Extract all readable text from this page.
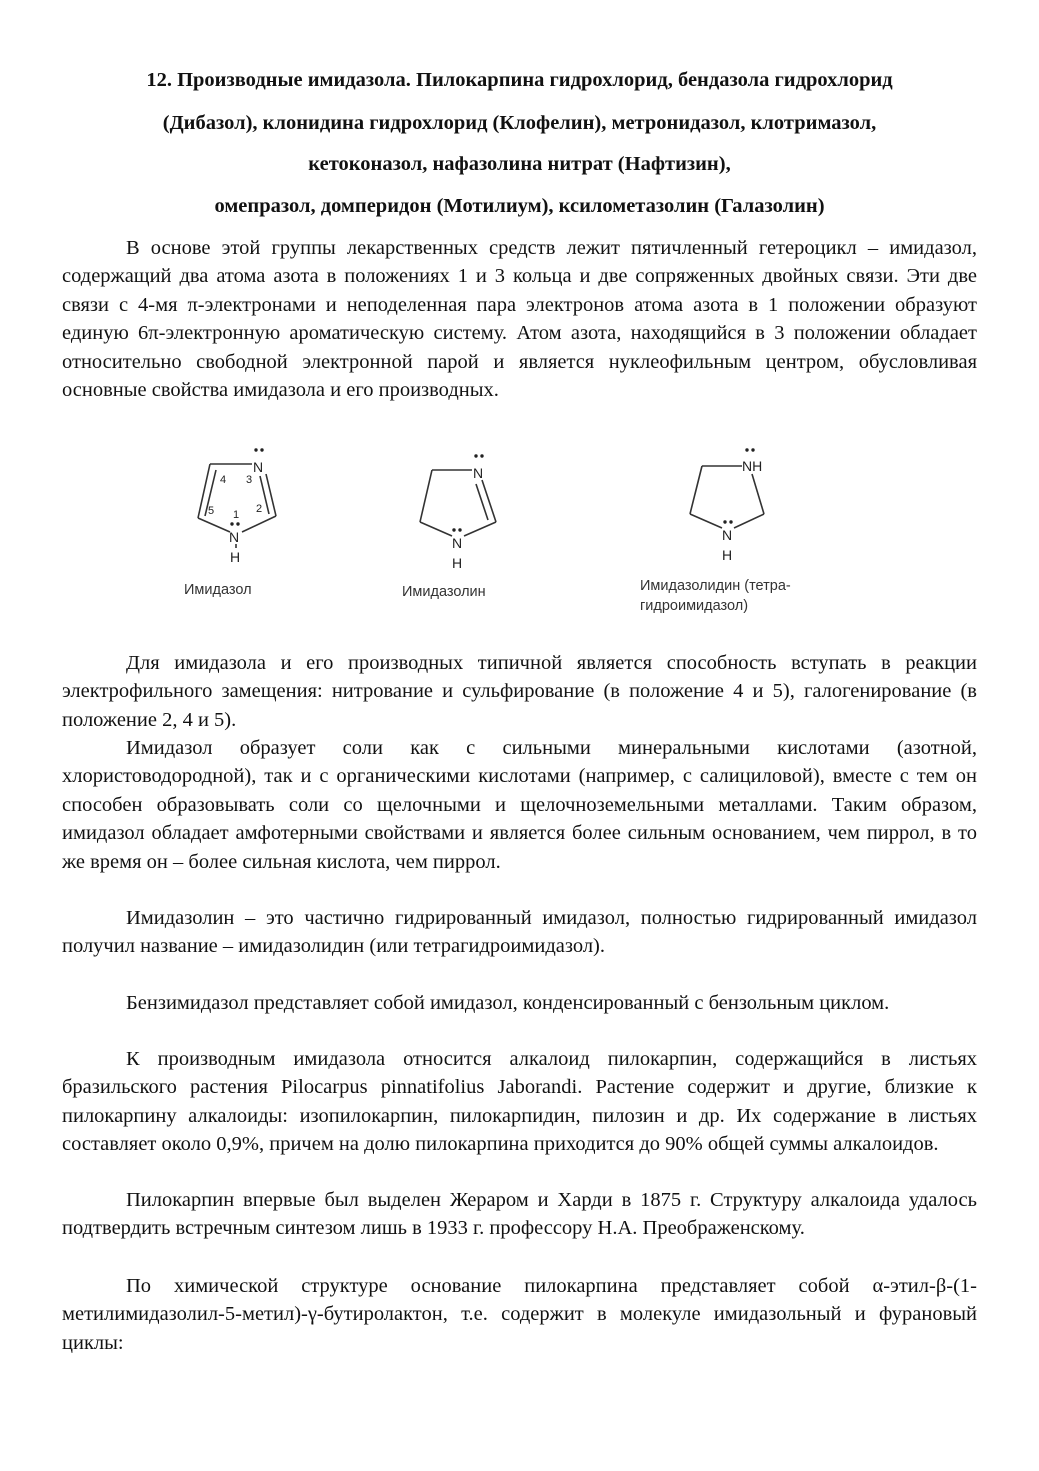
12. Производные имидазола. Пилокарпина гидрохлорид, бендазола гидрохлорид
(Дибазол), клонидина гидрохлорид (Клофелин), метронидазол, клотримазол,
кетоконазол, нафазолина нитрат (Нафтизин),
омепразол, домперидон (Мотилиум), ксилометазолин (Галазолин)
В основе этой группы лекарственных средств лежит пятичленный гетероцикл – имидазол, содержащий два атома азота в положениях 1 и 3 кольца и две сопряженных двойных связи. Эти две связи с 4-мя π-электронами и неподеленная пара электронов атома азота в 1 положении образуют единую 6π-электронную ароматическую систему. Атом азота, находящийся в 3 положении обладает относительно свободной электронной парой и является нуклеофильным центром, обусловливая основные свойства имидазола и его производных.
N
N
H
3
4
5 1 2
Имидазол
N
N
H
Имидазолин
NH
N
H
Имидазолидин (тетра-
гидроимидазол)
Для имидазола и его производных типичной является способность вступать в реакции электрофильного замещения: нитрование и сульфирование (в положение 4 и 5), галогенирование (в положение 2, 4 и 5).
Имидазол образует соли как с сильными минеральными кислотами (азотной, хлористоводородной), так и с органическими кислотами (например, с салициловой), вместе с тем он способен образовывать соли со щелочными и щелочноземельными металлами. Таким образом, имидазол обладает амфотерными свойствами и является более сильным основанием, чем пиррол, в то же время он – более сильная кислота, чем пиррол.
Имидазолин – это частично гидрированный имидазол, полностью гидрированный имидазол получил название – имидазолидин (или тетрагидроимидазол).
Бензимидазол представляет собой имидазол, конденсированный с бензольным циклом.
К производным имидазола относится алкалоид пилокарпин, содержащийся в листьях бразильского растения Pilocarpus pinnatifolius Jaborandi. Растение содержит и другие, близкие к пилокарпину алкалоиды: изопилокарпин, пилокарпидин, пилозин и др. Их содержание в листьях составляет около 0,9%, причем на долю пилокарпина приходится до 90% общей суммы алкалоидов.
Пилокарпин впервые был выделен Жераром и Харди в 1875 г. Структуру алкалоида удалось подтвердить встречным синтезом лишь в 1933 г. профессору Н.А. Преображенскому.
По химической структуре основание пилокарпина представляет собой α-этил-β-(1-метилимидазолил-5-метил)-γ-бутиролактон, т.е. содержит в молекуле имидазольный и фурановый циклы:
